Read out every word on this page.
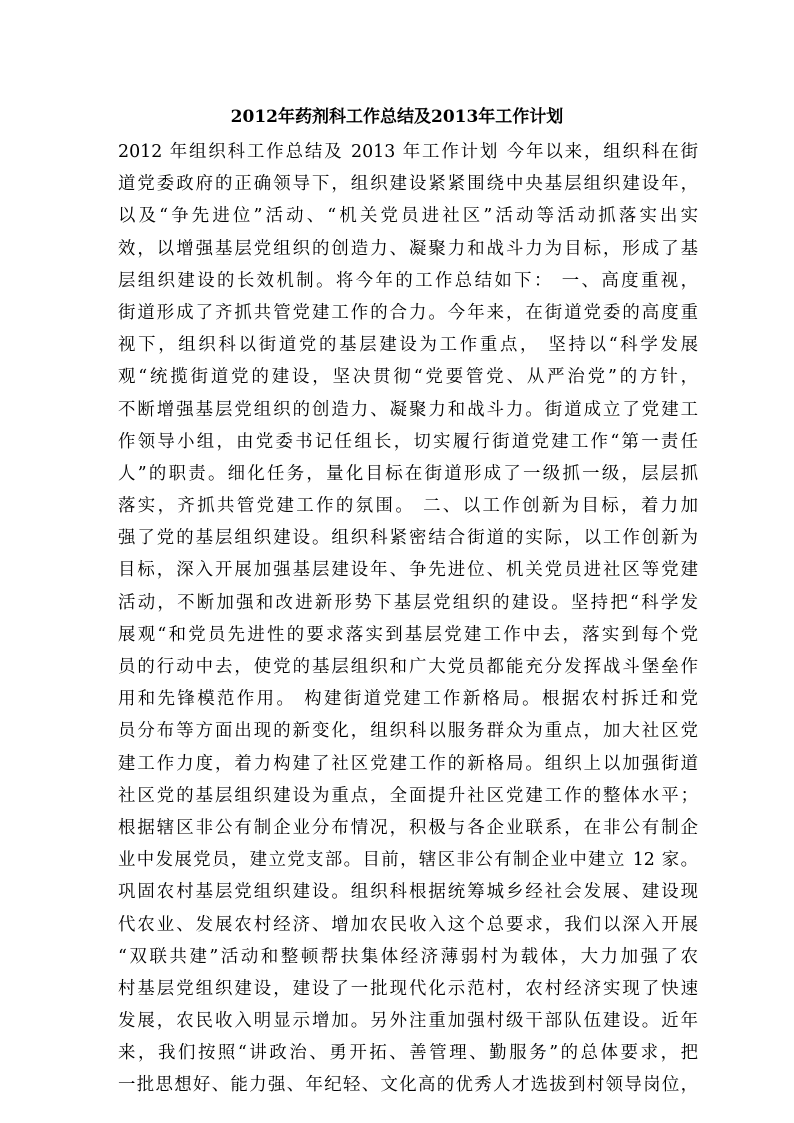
2012年药剂科工作总结及2013年工作计划
2012 年组织科工作总结及 2013 年工作计划 今年以来，组织科在街
道党委政府的正确领导下，组织建设紧紧围绕中央基层组织建设年，
以及“争先进位”活动、“机关党员进社区”活动等活动抓落实出实
效，以增强基层党组织的创造力、凝聚力和战斗力为目标，形成了基
层组织建设的长效机制。将今年的工作总结如下： 一、高度重视，
街道形成了齐抓共管党建工作的合力。今年来，在街道党委的高度重
视下，组织科以街道党的基层建设为工作重点， 坚持以“科学发展
观“统揽街道党的建设，坚决贯彻“党要管党、从严治党”的方针，
不断增强基层党组织的创造力、凝聚力和战斗力。街道成立了党建工
作领导小组，由党委书记任组长，切实履行街道党建工作“第一责任
人”的职责。细化任务，量化目标在街道形成了一级抓一级，层层抓
落实，齐抓共管党建工作的氛围。 二、以工作创新为目标，着力加
强了党的基层组织建设。组织科紧密结合街道的实际，以工作创新为
目标，深入开展加强基层建设年、争先进位、机关党员进社区等党建
活动，不断加强和改进新形势下基层党组织的建设。坚持把“科学发
展观“和党员先进性的要求落实到基层党建工作中去，落实到每个党
员的行动中去，使党的基层组织和广大党员都能充分发挥战斗堡垒作
用和先锋模范作用。 构建街道党建工作新格局。根据农村拆迁和党
员分布等方面出现的新变化，组织科以服务群众为重点，加大社区党
建工作力度，着力构建了社区党建工作的新格局。组织上以加强街道
社区党的基层组织建设为重点，全面提升社区党建工作的整体水平；
根据辖区非公有制企业分布情况，积极与各企业联系，在非公有制企
业中发展党员，建立党支部。目前，辖区非公有制企业中建立 12 家。
巩固农村基层党组织建设。组织科根据统筹城乡经社会发展、建设现
代农业、发展农村经济、增加农民收入这个总要求，我们以深入开展
“双联共建”活动和整顿帮扶集体经济薄弱村为载体，大力加强了农
村基层党组织建设，建设了一批现代化示范村，农村经济实现了快速
发展，农民收入明显示增加。另外注重加强村级干部队伍建设。近年
来，我们按照“讲政治、勇开拓、善管理、勤服务”的总体要求，把
一批思想好、能力强、年纪轻、文化高的优秀人才选拔到村领导岗位，
